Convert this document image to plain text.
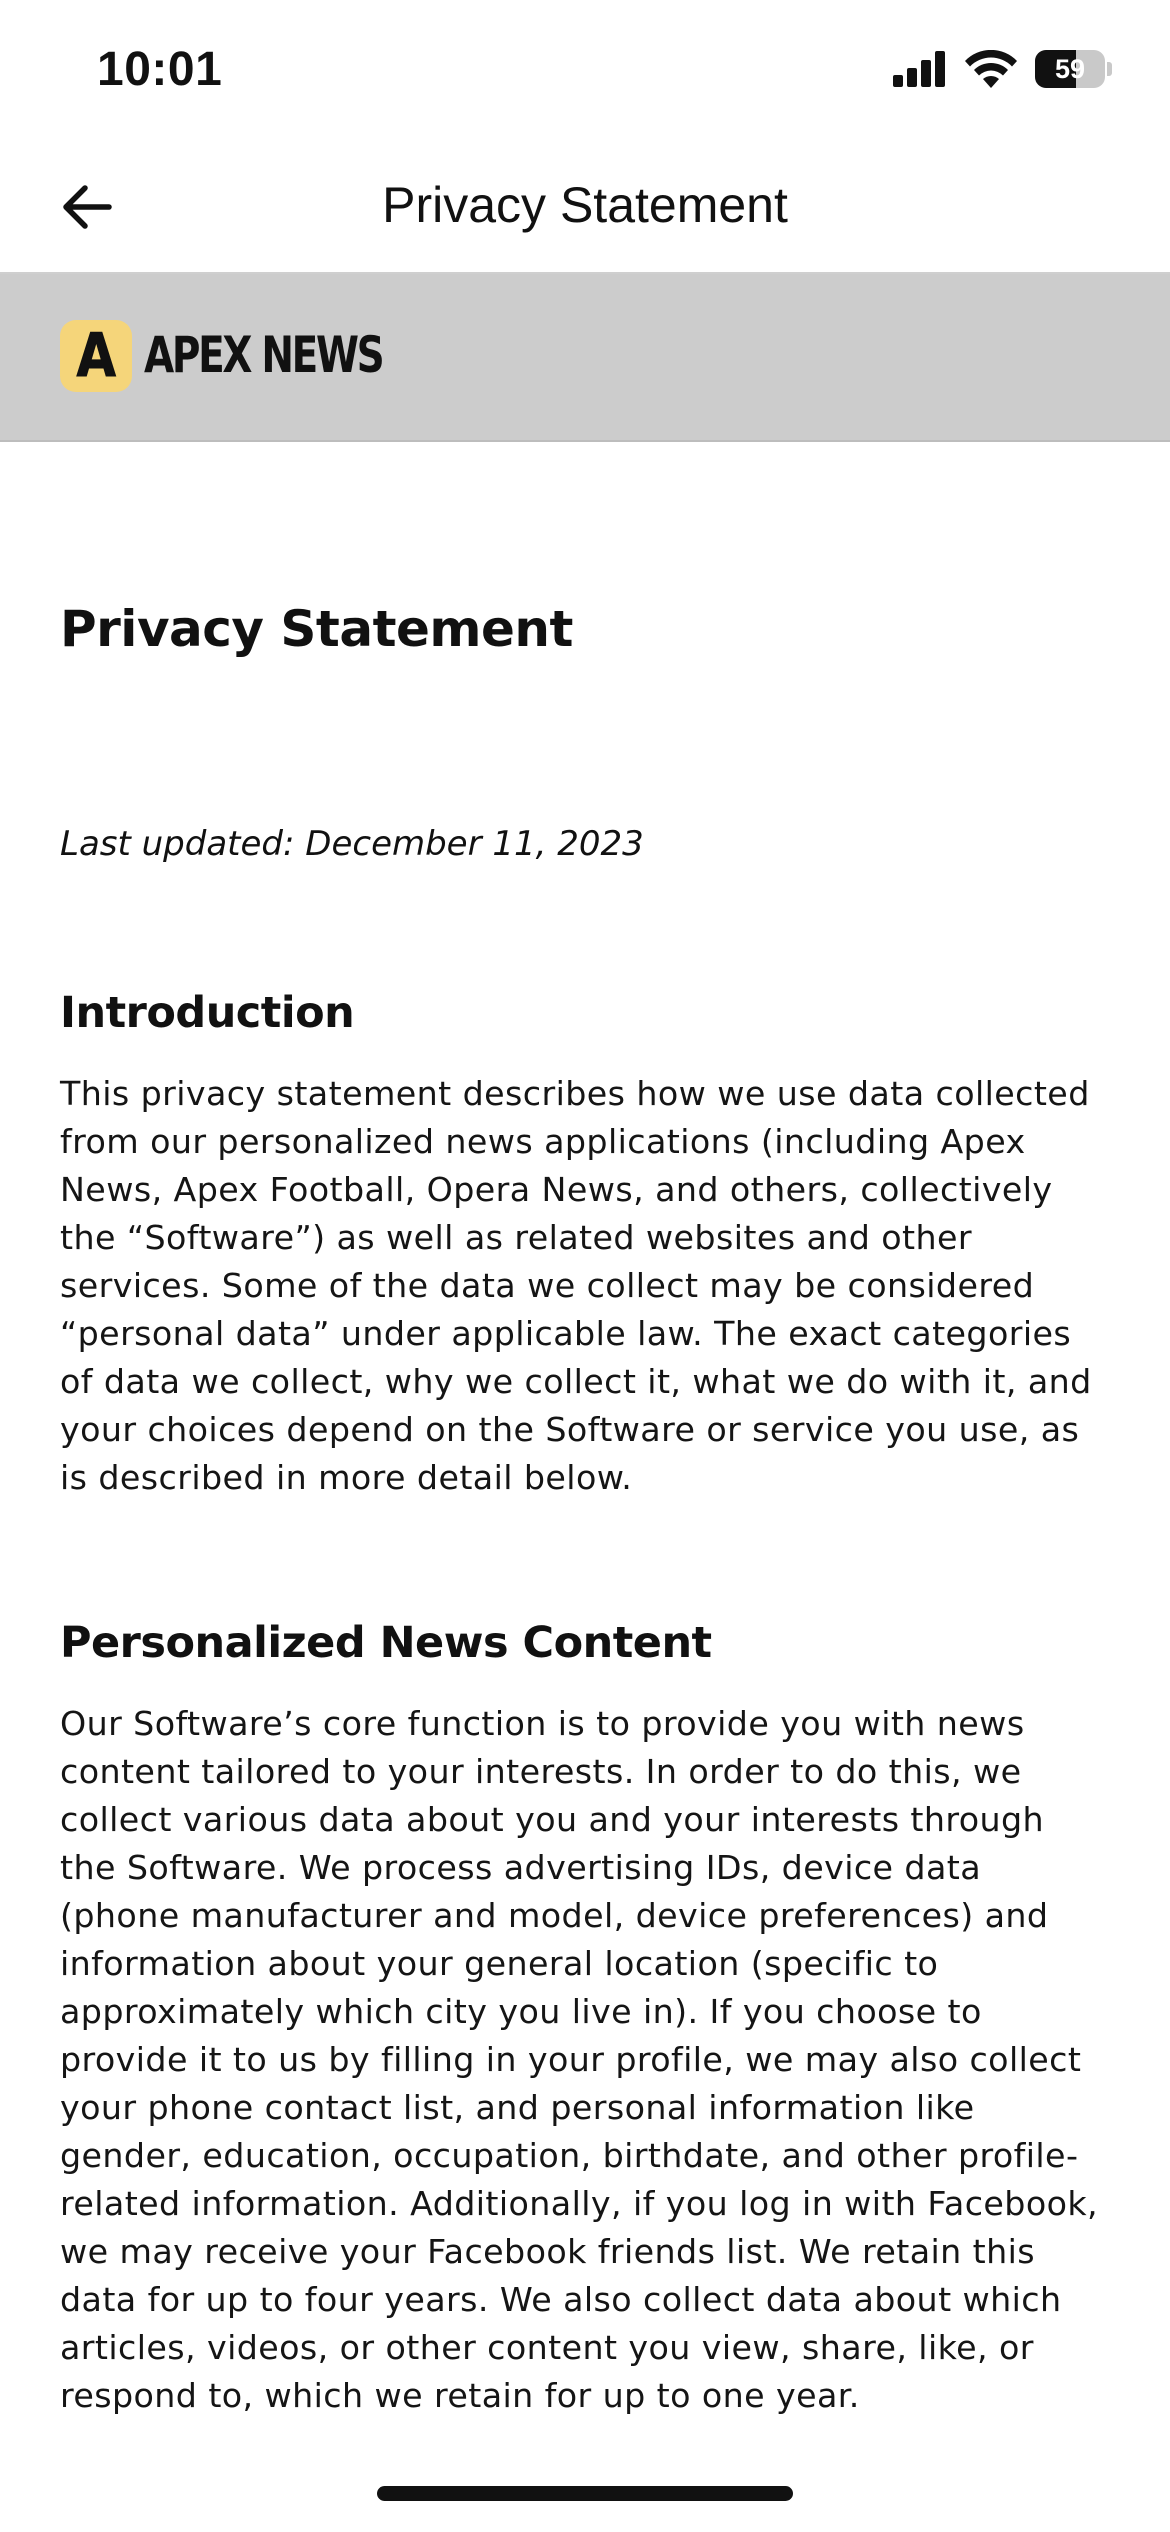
10:01	59
Privacy Statement
A APEX NEWS
Privacy Statement

Last updated: December 11, 2023

Introduction

This privacy statement describes how we use data collected from our personalized news applications (including Apex News, Apex Football, Opera News, and others, collectively the “Software”) as well as related websites and other services. Some of the data we collect may be considered “personal data” under applicable law. The exact categories of data we collect, why we collect it, what we do with it, and your choices depend on the Software or service you use, as is described in more detail below.

Personalized News Content

Our Software’s core function is to provide you with news content tailored to your interests. In order to do this, we collect various data about you and your interests through the Software. We process advertising IDs, device data (phone manufacturer and model, device preferences) and information about your general location (specific to approximately which city you live in). If you choose to provide it to us by filling in your profile, we may also collect your phone contact list, and personal information like gender, education, occupation, birthdate, and other profile-related information. Additionally, if you log in with Facebook, we may receive your Facebook friends list. We retain this data for up to four years. We also collect data about which articles, videos, or other content you view, share, like, or respond to, which we retain for up to one year.
